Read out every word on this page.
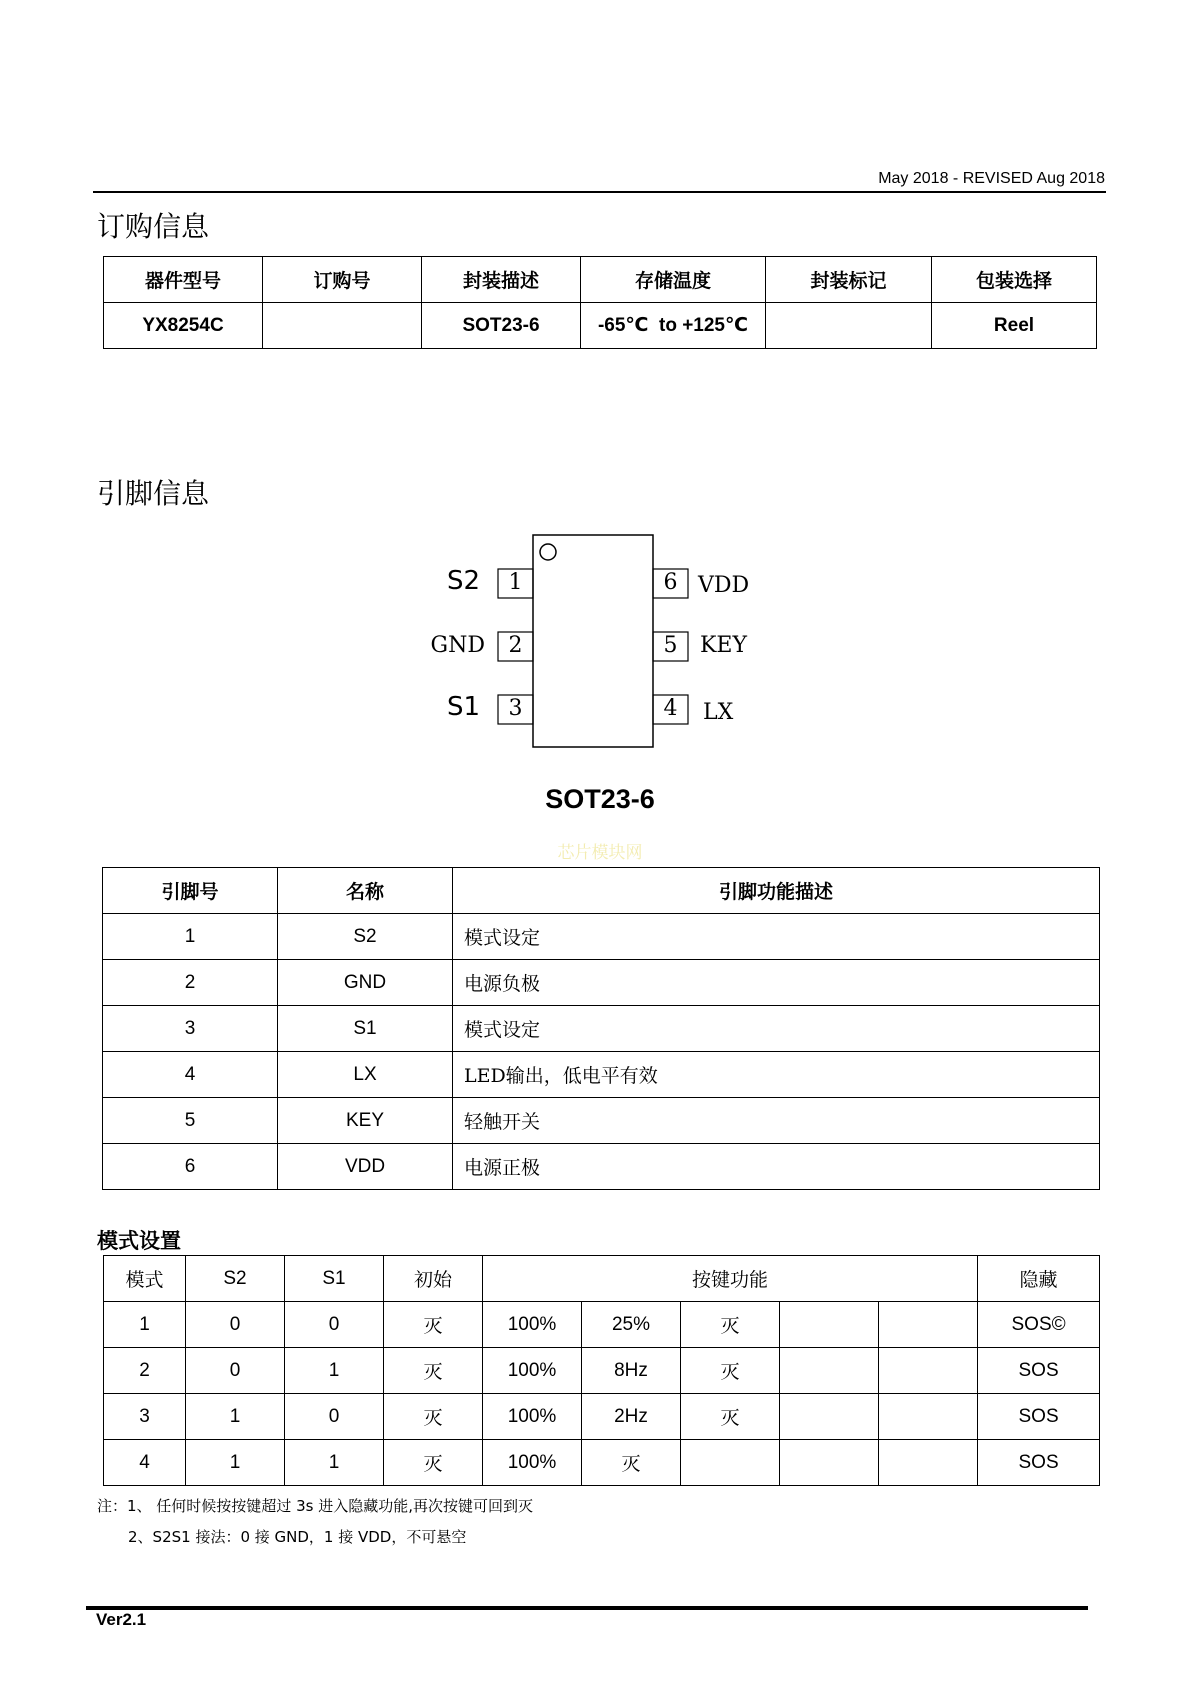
May 2018 - REVISED Aug 2018
订购信息
器件型号	订购号	封装描述	存储温度	封装标记	包装选择
YX8254C		SOT23-6	-65℃  to +125℃		Reel
引脚信息
1
2
3
6
5
4
S2
GND
S1
VDD
KEY
LX
SOT23-6
芯片模块网
引脚号	名称	引脚功能描述
1	S2	模式设定
2	GND	电源负极
3	S1	模式设定
4	LX	LED输出，低电平有效
5	KEY	轻触开关
6	VDD	电源正极
模式设置
模式	S2	S1	初始	按键功能					隐藏
1	0	0	灭	100%	25%	灭			SOS©
2	0	1	灭	100%	8Hz	灭			SOS
3	1	0	灭	100%	2Hz	灭			SOS
4	1	1	灭	100%	灭				SOS
注：1、 任何时候按按键超过 3s 进入隐藏功能,再次按键可回到灭
2、S2S1 接法：0 接 GND，1 接 VDD，不可悬空
Ver2.1
